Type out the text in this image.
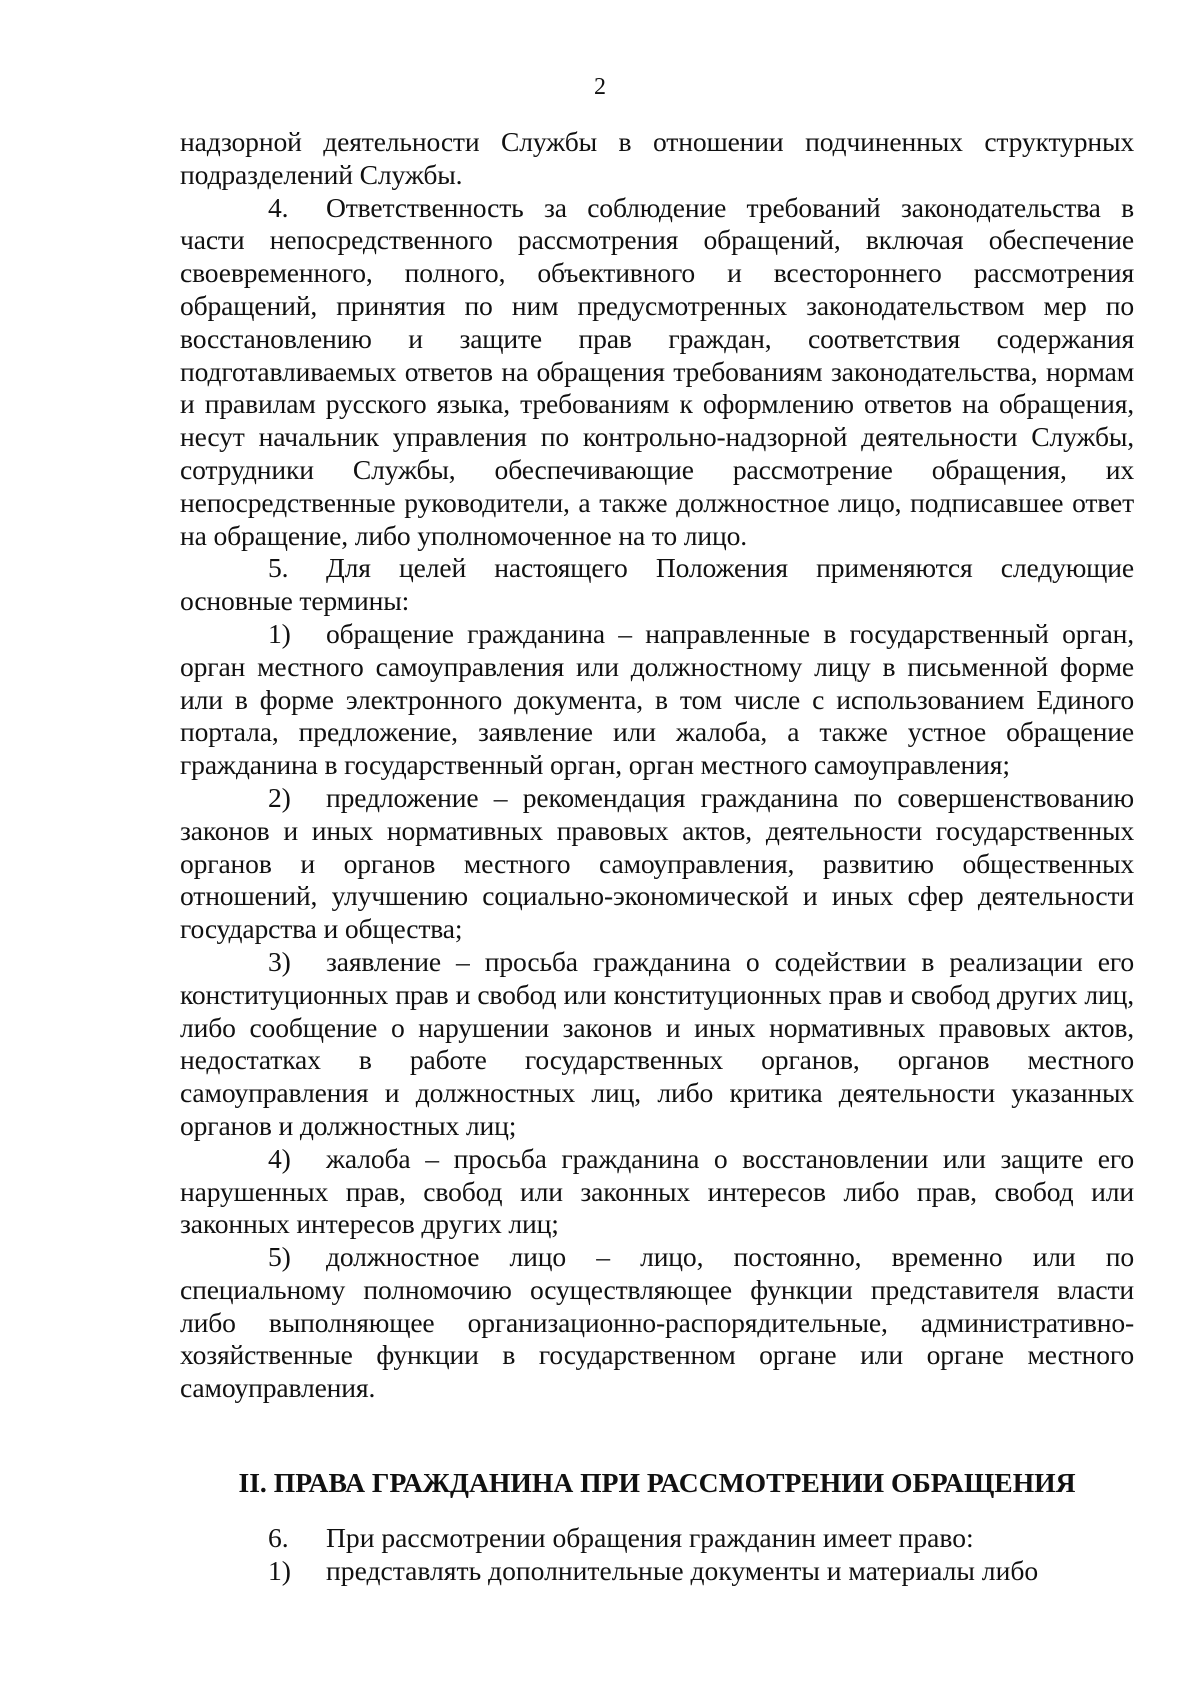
2

надзорной деятельности Службы в отношении подчиненных структурных подразделений Службы.

4. Ответственность за соблюдение требований законодательства в части непосредственного рассмотрения обращений, включая обеспечение своевременного, полного, объективного и всестороннего рассмотрения обращений, принятия по ним предусмотренных законодательством мер по восстановлению и защите прав граждан, соответствия содержания подготавливаемых ответов на обращения требованиям законодательства, нормам и правилам русского языка, требованиям к оформлению ответов на обращения, несут начальник управления по контрольно-надзорной деятельности Службы, сотрудники Службы, обеспечивающие рассмотрение обращения, их непосредственные руководители, а также должностное лицо, подписавшее ответ на обращение, либо уполномоченное на то лицо.

5. Для целей настоящего Положения применяются следующие основные термины:

1) обращение гражданина – направленные в государственный орган, орган местного самоуправления или должностному лицу в письменной форме или в форме электронного документа, в том числе с использованием Единого портала, предложение, заявление или жалоба, а также устное обращение гражданина в государственный орган, орган местного самоуправления;

2) предложение – рекомендация гражданина по совершенствованию законов и иных нормативных правовых актов, деятельности государственных органов и органов местного самоуправления, развитию общественных отношений, улучшению социально-экономической и иных сфер деятельности государства и общества;

3) заявление – просьба гражданина о содействии в реализации его конституционных прав и свобод или конституционных прав и свобод других лиц, либо сообщение о нарушении законов и иных нормативных правовых актов, недостатках в работе государственных органов, органов местного самоуправления и должностных лиц, либо критика деятельности указанных органов и должностных лиц;

4) жалоба – просьба гражданина о восстановлении или защите его нарушенных прав, свобод или законных интересов либо прав, свобод или законных интересов других лиц;

5) должностное лицо – лицо, постоянно, временно или по специальному полномочию осуществляющее функции представителя власти либо выполняющее организационно-распорядительные, административно-хозяйственные функции в государственном органе или органе местного самоуправления.

II. ПРАВА ГРАЖДАНИНА ПРИ РАССМОТРЕНИИ ОБРАЩЕНИЯ

6. При рассмотрении обращения гражданин имеет право:

1) представлять дополнительные документы и материалы либо
